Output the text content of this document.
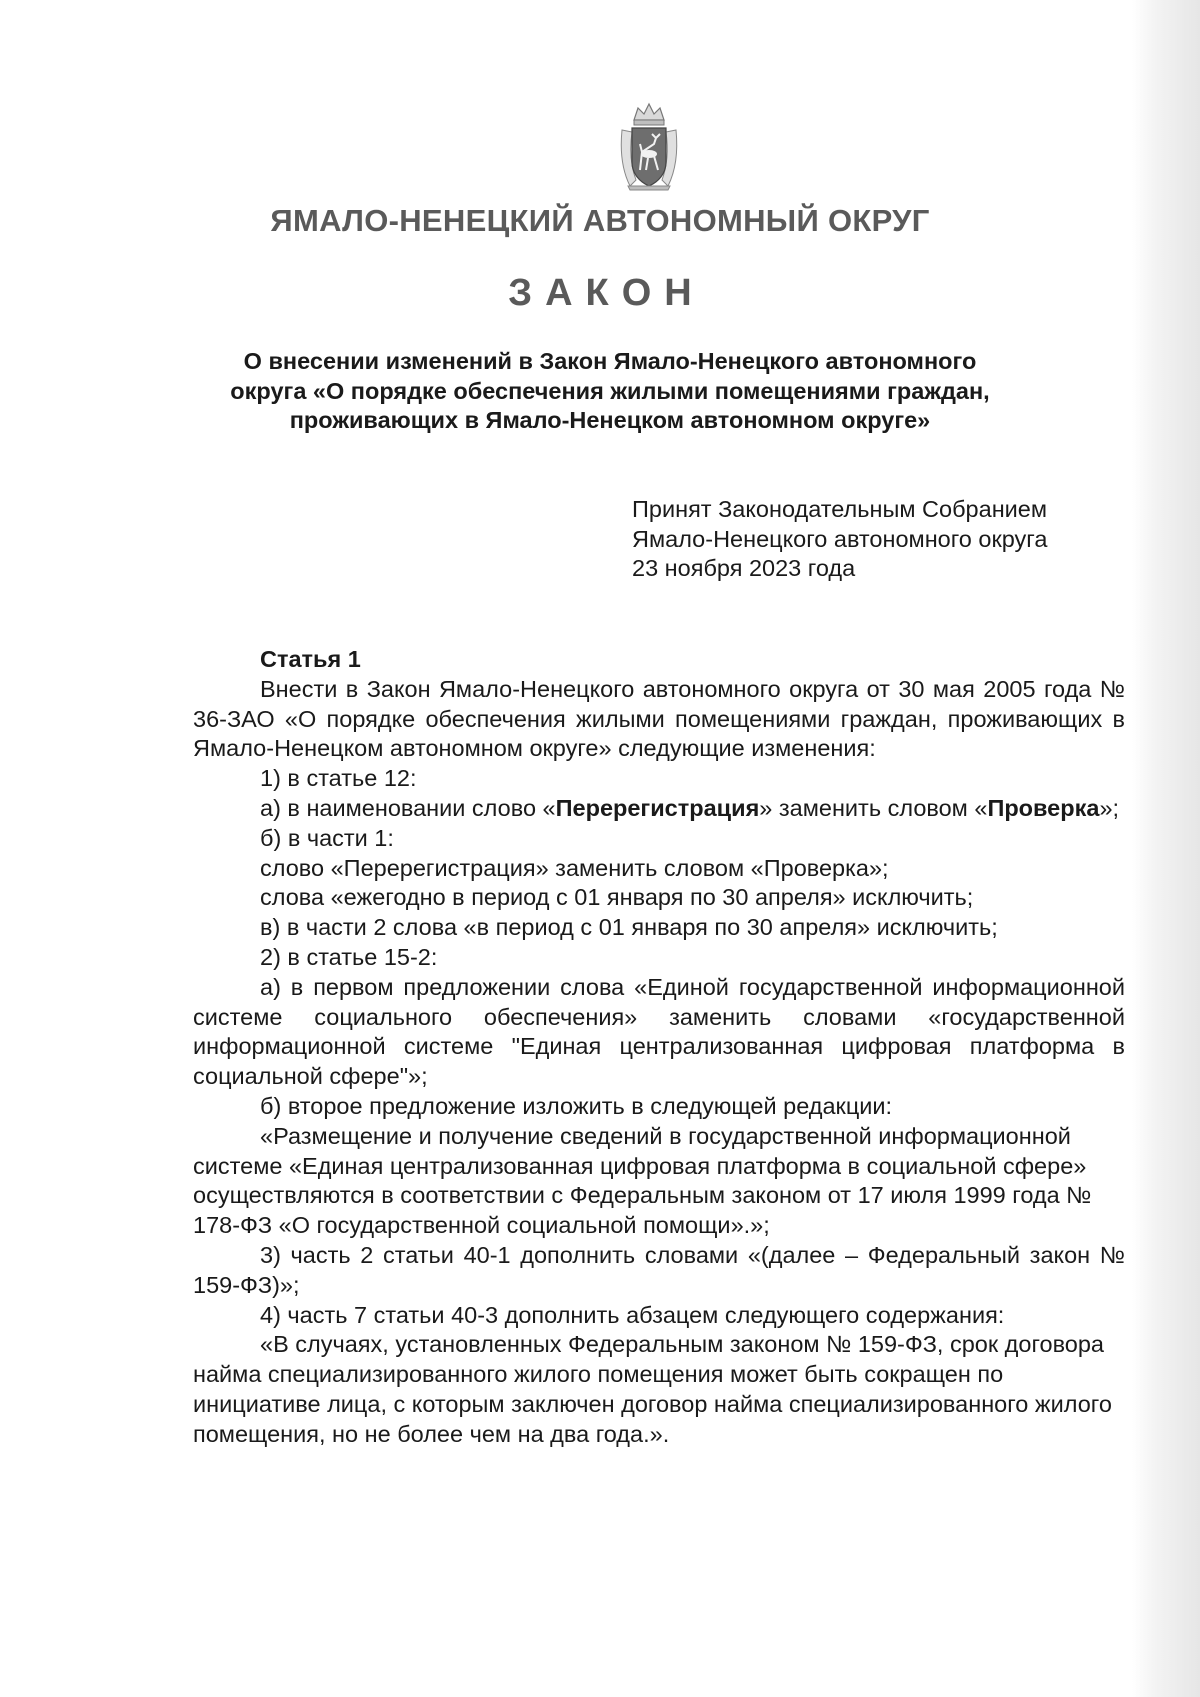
ЯМАЛО-НЕНЕЦКИЙ АВТОНОМНЫЙ ОКРУГ
ЗАКОН
О внесении изменений в Закон Ямало-Ненецкого автономного
округа «О порядке обеспечения жилыми помещениями граждан,
проживающих в Ямало-Ненецком автономном округе»
Принят Законодательным Собранием
Ямало-Ненецкого автономного округа
23 ноября 2023 года

Статья 1

Внести в Закон Ямало-Ненецкого автономного округа от 30 мая 2005 года № 36-ЗАО «О порядке обеспечения жилыми помещениями граждан, проживающих в Ямало-Ненецком автономном округе» следующие изменения:

1) в статье 12:

а) в наименовании слово «Перерегистрация» заменить словом «Проверка»;

б) в части 1:

слово «Перерегистрация» заменить словом «Проверка»;

слова «ежегодно в период с 01 января по 30 апреля» исключить;

в) в части 2 слова «в период с 01 января по 30 апреля» исключить;

2) в статье 15-2:

а) в первом предложении слова «Единой государственной информационной системе социального обеспечения» заменить словами «государственной информационной системе "Единая централизованная цифровая платформа в социальной сфере"»;

б) второе предложение изложить в следующей редакции:

«Размещение и получение сведений в государственной информационной системе «Единая централизованная цифровая платформа в социальной сфере» осуществляются в соответствии с Федеральным законом от 17 июля 1999 года № 178-ФЗ «О государственной социальной помощи».»;

3) часть 2 статьи 40-1 дополнить словами «(далее – Федеральный закон № 159-ФЗ)»;

4) часть 7 статьи 40-3 дополнить абзацем следующего содержания:

«В случаях, установленных Федеральным законом № 159-ФЗ, срок договора найма специализированного жилого помещения может быть сокращен по инициативе лица, с которым заключен договор найма специализированного жилого помещения, но не более чем на два года.».
